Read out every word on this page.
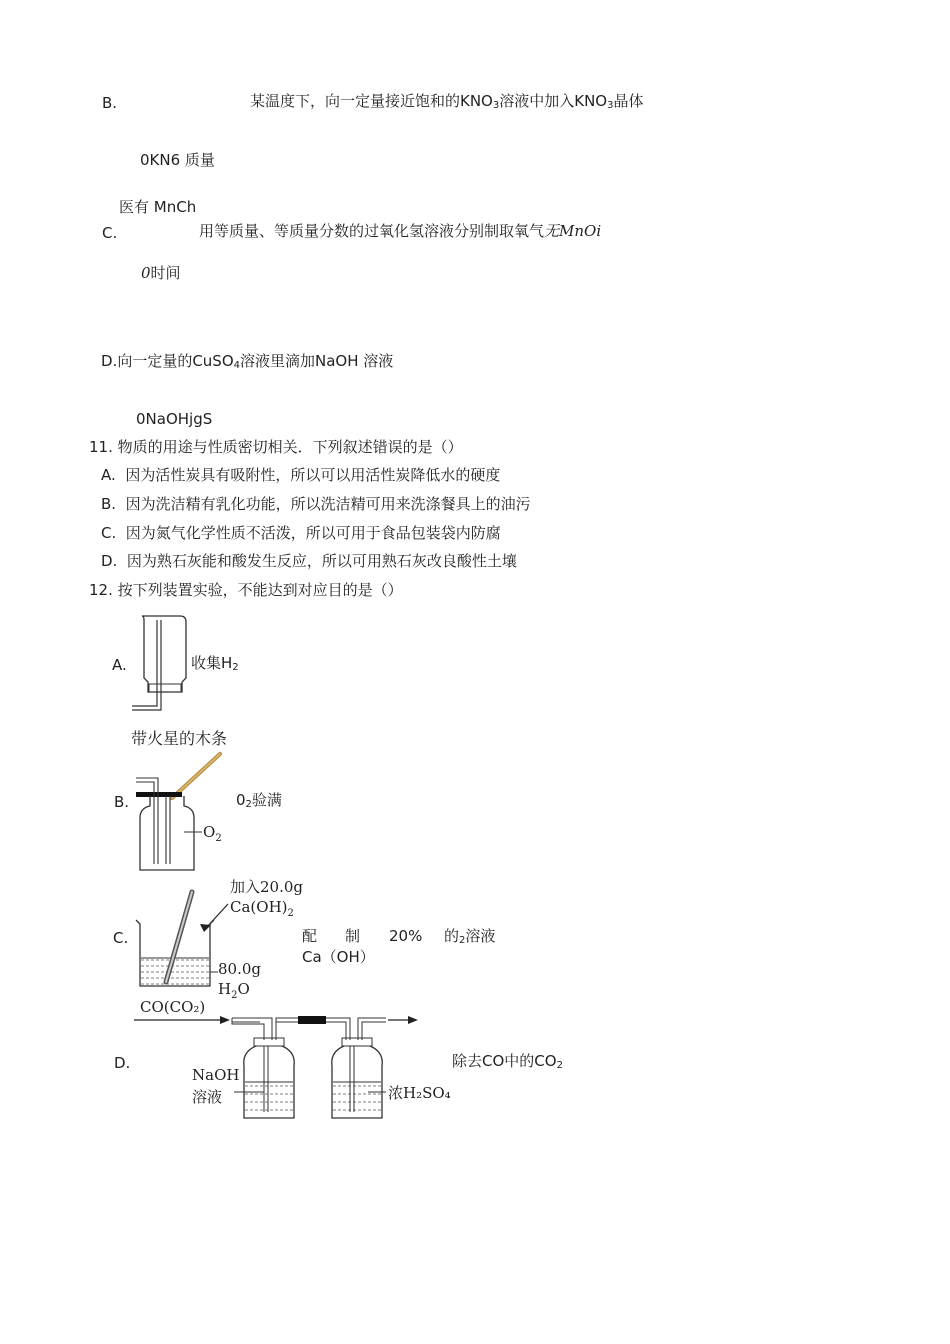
B.	某温度下，向一定量接近饱和的$KNO_3$溶液中加入$KNO_3$晶体
0KN6 质量
医有 MnCh
C.	用等质量、等质量分数的过氧化氢溶液分别制取氧气无MnOi
0时间
D.向一定量的CuSO$_4$溶液里滴加NaOH 溶液
0NaOHjgS
11. 物质的用途与性质密切相关．下列叙述错误的是（）
A. 因为活性炭具有吸附性，所以可以用活性炭降低水的硬度
B. 因为洗洁精有乳化功能，所以洗洁精可用来洗涤餐具上的油污
C. 因为氮气化学性质不活泼，所以可用于食品包装袋内防腐
D. 因为熟石灰能和酸发生反应，所以可用熟石灰改良酸性土壤
12. 按下列装置实验，不能达到对应目的是（）
A.	收集$H_2$
带火星的木条
B.
$O_2$
$0_2$验满
C.
加入20.0g
$Ca(OH)_2$
80.0g
$H_2O$
配 制 20% 的$_2$溶液
Ca（OH）
D.
CO(CO₂)
NaOH
溶液	浓H₂SO₄
除去CO中的$CO_2$
